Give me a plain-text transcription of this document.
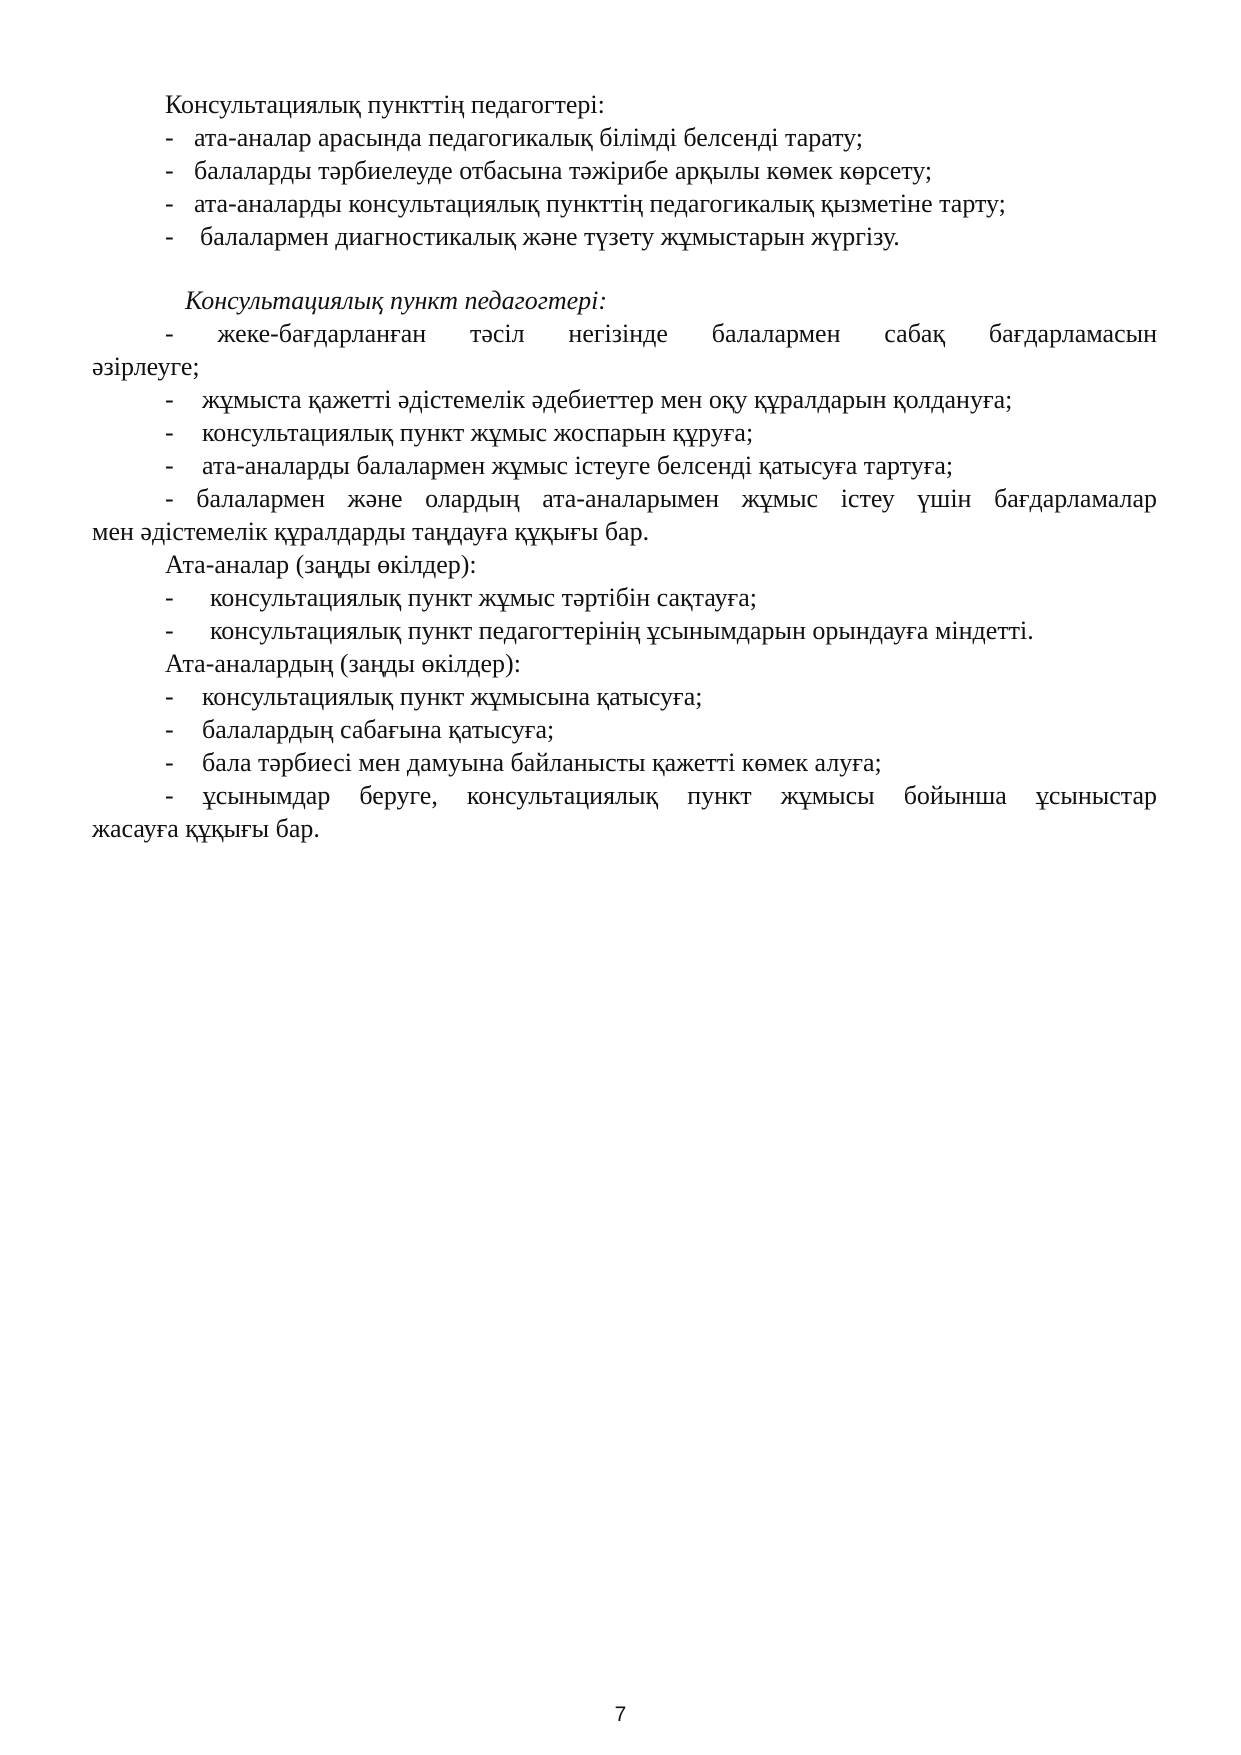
Консультациялық пункттің педагогтері:
- ата-аналар арасында педагогикалық білімді белсенді тарату;
- балаларды тәрбиелеуде отбасына тәжірибе арқылы көмек көрсету;
- ата-аналарды консультациялық пункттің педагогикалық қызметіне тарту;
- балалармен диагностикалық және түзету жұмыстарын жүргізу.
Консультациялық пункт педагогтері:
- жеке-бағдарланған тәсіл негізінде балалармен сабақ бағдарламасын
әзірлеуге;
- жұмыста қажетті әдістемелік әдебиеттер мен оқу құралдарын қолдануға;
- консультациялық пункт жұмыс жоспарын құруға;
- ата-аналарды балалармен жұмыс істеуге белсенді қатысуға тартуға;
- балалармен және олардың ата-аналарымен жұмыс істеу үшін бағдарламалар
мен әдістемелік құралдарды таңдауға құқығы бар.
Ата-аналар (заңды өкілдер):
- консультациялық пункт жұмыс тәртібін сақтауға;
- консультациялық пункт педагогтерінің ұсынымдарын орындауға міндетті.
Ата-аналардың (заңды өкілдер):
- консультациялық пункт жұмысына қатысуға;
- балалардың сабағына қатысуға;
- бала тәрбиесі мен дамуына байланысты қажетті көмек алуға;
- ұсынымдар беруге, консультациялық пункт жұмысы бойынша ұсыныстар
жасауға құқығы бар.
7
